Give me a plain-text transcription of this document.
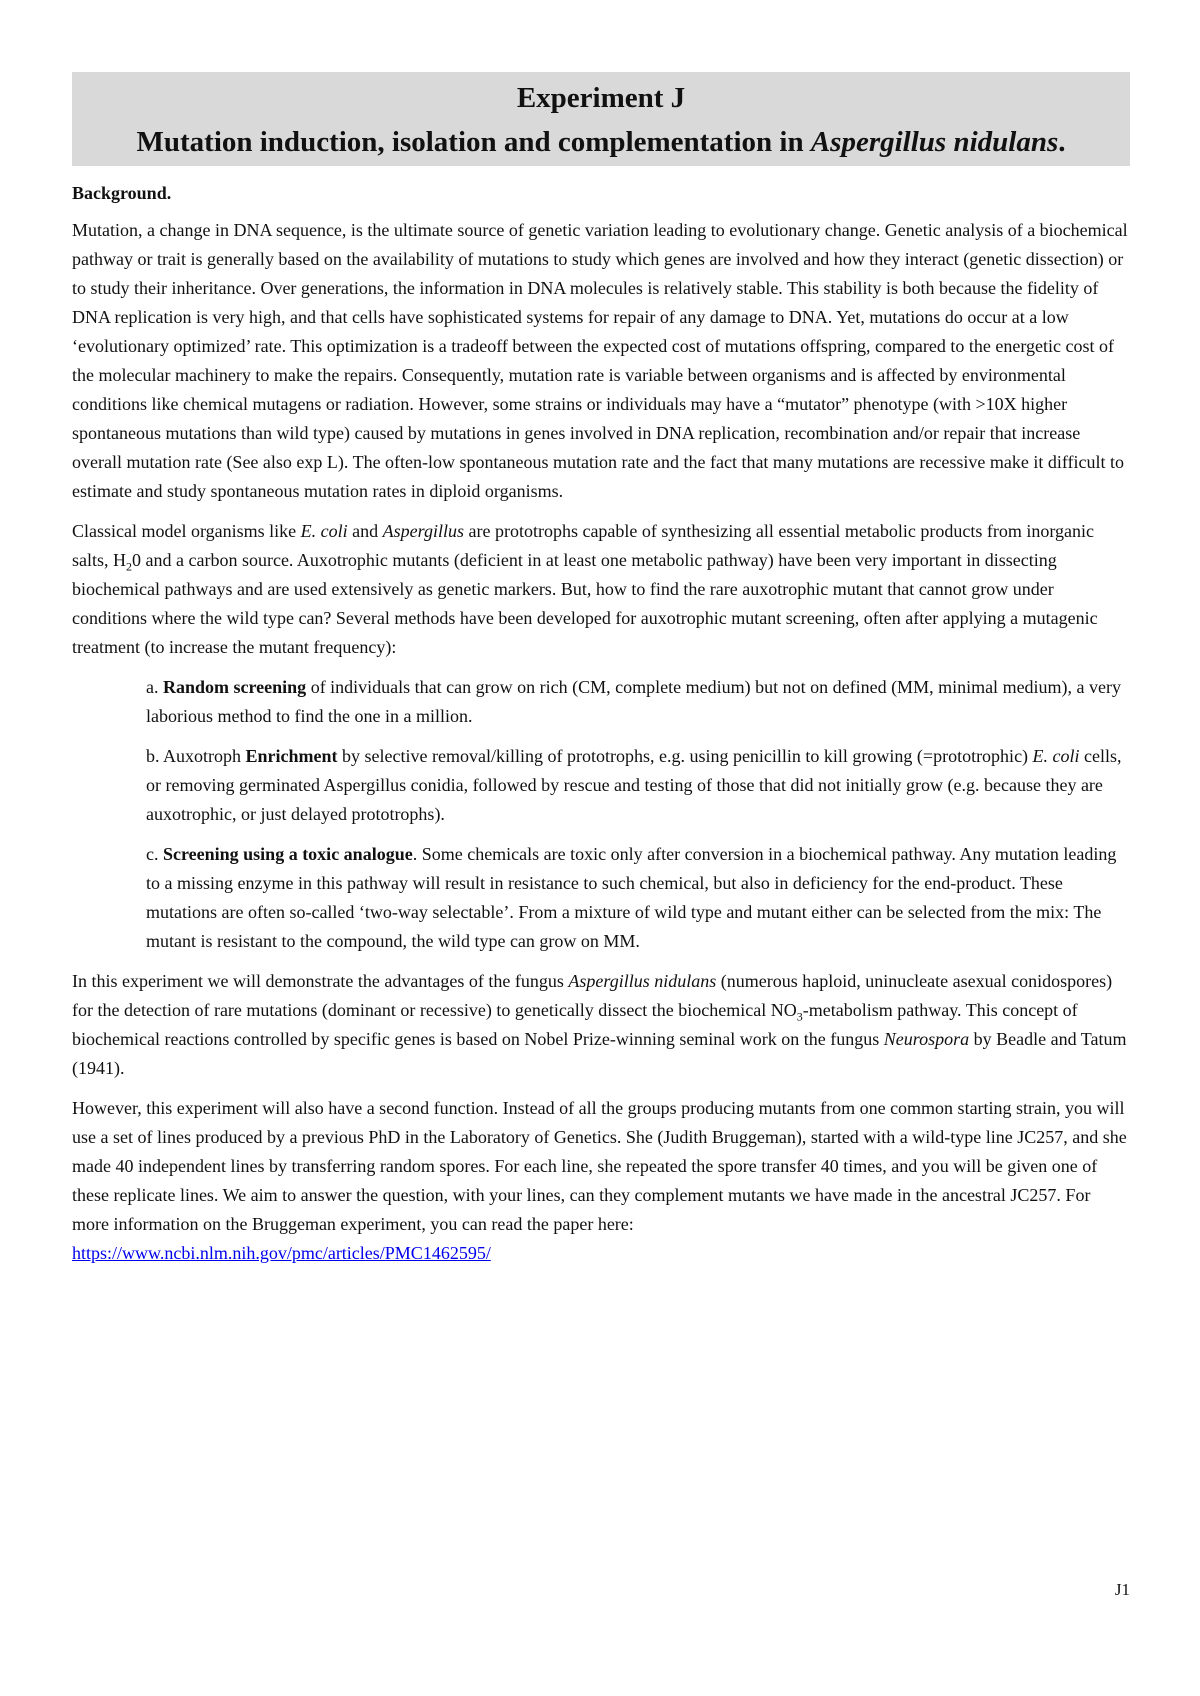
Experiment J
Mutation induction, isolation and complementation in Aspergillus nidulans.
Background.

Mutation, a change in DNA sequence, is the ultimate source of genetic variation leading to evolutionary change. Genetic analysis of a biochemical pathway or trait is generally based on the availability of mutations to study which genes are involved and how they interact (genetic dissection) or to study their inheritance. Over generations, the information in DNA molecules is relatively stable. This stability is both because the fidelity of DNA replication is very high, and that cells have sophisticated systems for repair of any damage to DNA. Yet, mutations do occur at a low ‘evolutionary optimized’ rate. This optimization is a tradeoff between the expected cost of mutations offspring, compared to the energetic cost of the molecular machinery to make the repairs. Consequently, mutation rate is variable between organisms and is affected by environmental conditions like chemical mutagens or radiation. However, some strains or individuals may have a “mutator” phenotype (with >10X higher spontaneous mutations than wild type) caused by mutations in genes involved in DNA replication, recombination and/or repair that increase overall mutation rate (See also exp L). The often-low spontaneous mutation rate and the fact that many mutations are recessive make it difficult to estimate and study spontaneous mutation rates in diploid organisms.

Classical model organisms like E. coli and Aspergillus are prototrophs capable of synthesizing all essential metabolic products from inorganic salts, $H_20$ and a carbon source. Auxotrophic mutants (deficient in at least one metabolic pathway) have been very important in dissecting biochemical pathways and are used extensively as genetic markers. But, how to find the rare auxotrophic mutant that cannot grow under conditions where the wild type can? Several methods have been developed for auxotrophic mutant screening, often after applying a mutagenic treatment (to increase the mutant frequency):

a. Random screening of individuals that can grow on rich (CM, complete medium) but not on defined (MM, minimal medium), a very laborious method to find the one in a million.

b. Auxotroph Enrichment by selective removal/killing of prototrophs, e.g. using penicillin to kill growing (=prototrophic) E. coli cells, or removing germinated Aspergillus conidia, followed by rescue and testing of those that did not initially grow (e.g. because they are auxotrophic, or just delayed prototrophs).

c. Screening using a toxic analogue. Some chemicals are toxic only after conversion in a biochemical pathway. Any mutation leading to a missing enzyme in this pathway will result in resistance to such chemical, but also in deficiency for the end-product. These mutations are often so-called ‘two-way selectable’. From a mixture of wild type and mutant either can be selected from the mix: The mutant is resistant to the compound, the wild type can grow on MM.

In this experiment we will demonstrate the advantages of the fungus Aspergillus nidulans (numerous haploid, uninucleate asexual conidospores) for the detection of rare mutations (dominant or recessive) to genetically dissect the biochemical $NO_3$-metabolism pathway. This concept of biochemical reactions controlled by specific genes is based on Nobel Prize-winning seminal work on the fungus Neurospora by Beadle and Tatum (1941).

However, this experiment will also have a second function. Instead of all the groups producing mutants from one common starting strain, you will use a set of lines produced by a previous PhD in the Laboratory of Genetics. She (Judith Bruggeman), started with a wild-type line JC257, and she made 40 independent lines by transferring random spores. For each line, she repeated the spore transfer 40 times, and you will be given one of these replicate lines. We aim to answer the question, with your lines, can they complement mutants we have made in the ancestral JC257. For more information on the Bruggeman experiment, you can read the paper here:
https://www.ncbi.nlm.nih.gov/pmc/articles/PMC1462595/

J1
